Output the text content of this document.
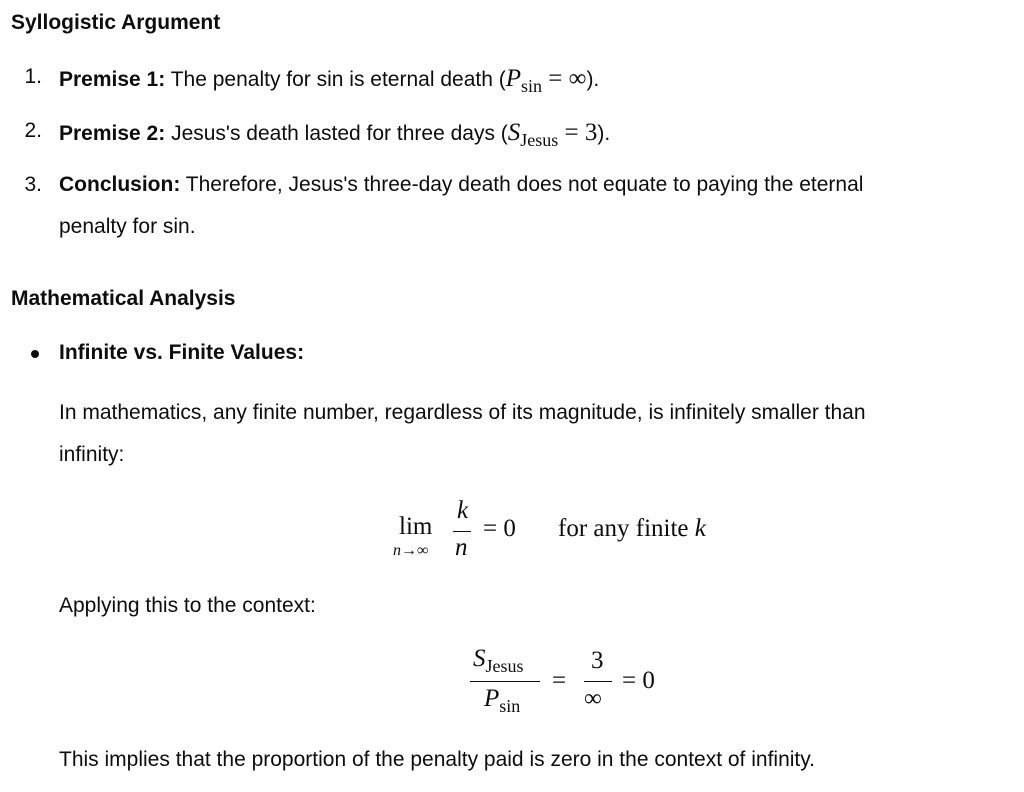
Syllogistic Argument
1. Premise 1: The penalty for sin is eternal death ($P_{sin}$ = ∞).
2. Premise 2: Jesus's death lasted for three days $(S_{Jesus} = 3)$.
3. Conclusion: Therefore, Jesus's three-day death does not equate to paying the eternal
penalty for sin.
Mathematical Analysis
Infinite vs. Finite Values:
In mathematics, any finite number, regardless of its magnitude, is infinitely smaller than
infinity:
lim
n→∞
k
n
= 0 for any finite k
Applying this to the context:
$S_{Jesus}$
$P_{sin}$
=
3
∞
= 0
This implies that the proportion of the penalty paid is zero in the context of infinity.
